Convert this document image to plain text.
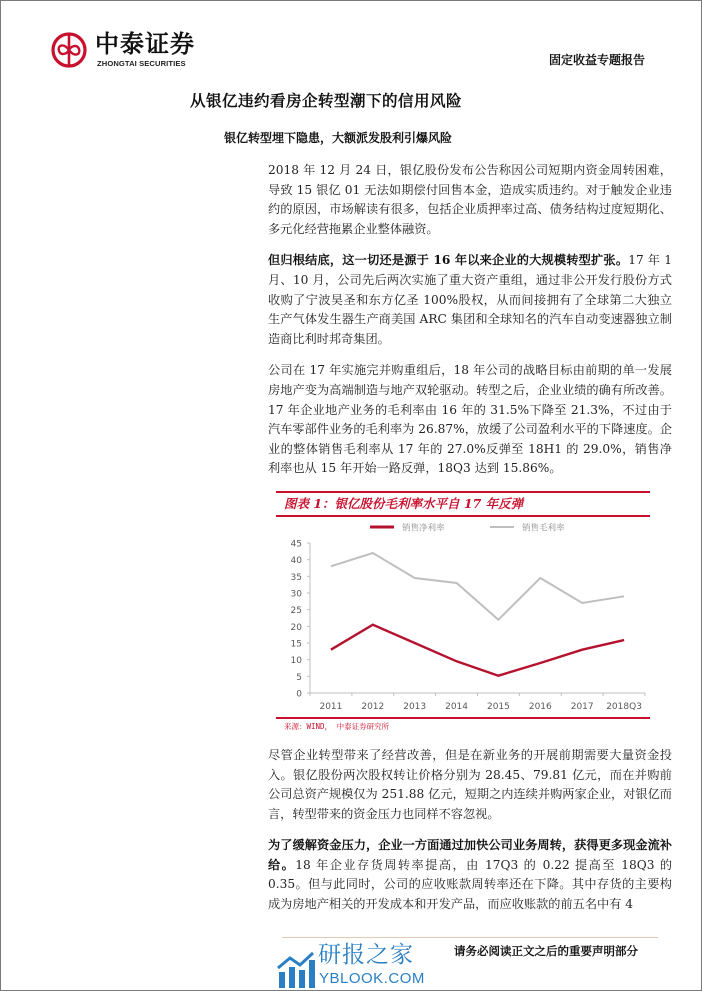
中泰证券
ZHONGTAI SECURITIES	固定收益专题报告
从银亿违约看房企转型潮下的信用风险
银亿转型埋下隐患，大额派发股利引爆风险
2018 年 12 月 24 日，银亿股份发布公告称因公司短期内资金周转困难，导致 15 银亿 01 无法如期偿付回售本金，造成实质违约。对于触发企业违约的原因，市场解读有很多，包括企业质押率过高、债务结构过度短期化、多元化经营拖累企业整体融资。
但归根结底，这一切还是源于 16 年以来企业的大规模转型扩张。17 年 1 月、10 月，公司先后两次实施了重大资产重组，通过非公开发行股份方式收购了宁波昊圣和东方亿圣 100%股权，从而间接拥有了全球第二大独立生产气体发生器生产商美国 ARC 集团和全球知名的汽车自动变速器独立制造商比利时邦奇集团。
公司在 17 年实施完并购重组后，18 年公司的战略目标由前期的单一发展房地产变为高端制造与地产双轮驱动。转型之后，企业业绩的确有所改善。17 年企业地产业务的毛利率由 16 年的 31.5%下降至 21.3%，不过由于汽车零部件业务的毛利率为 26.87%，放缓了公司盈利水平的下降速度。企业的整体销售毛利率从 17 年的 27.0%反弹至 18H1 的 29.0%，销售净利率也从 15 年开始一路反弹，18Q3 达到 15.86%。
图表 1：银亿股份毛利率水平自 17 年反弹
销售净利率	销售毛利率
0
5
10
15
20
25
30
35
40
45
2011 2012 2013 2014 2015 2016 2017 2018Q3
来源：WIND， 中泰证券研究所
尽管企业转型带来了经营改善，但是在新业务的开展前期需要大量资金投入。银亿股份两次股权转让价格分别为 28.45、79.81 亿元，而在并购前公司总资产规模仅为 251.88 亿元，短期之内连续并购两家企业，对银亿而言，转型带来的资金压力也同样不容忽视。
为了缓解资金压力，企业一方面通过加快公司业务周转，获得更多现金流补给。18 年企业存货周转率提高，由 17Q3 的 0.22 提高至 18Q3 的 0.35。但与此同时，公司的应收账款周转率还在下降。其中存货的主要构成为房地产相关的开发成本和开发产品，而应收账款的前五名中有 4
研报之家
YBLOOK.COM
请务必阅读正文之后的重要声明部分
